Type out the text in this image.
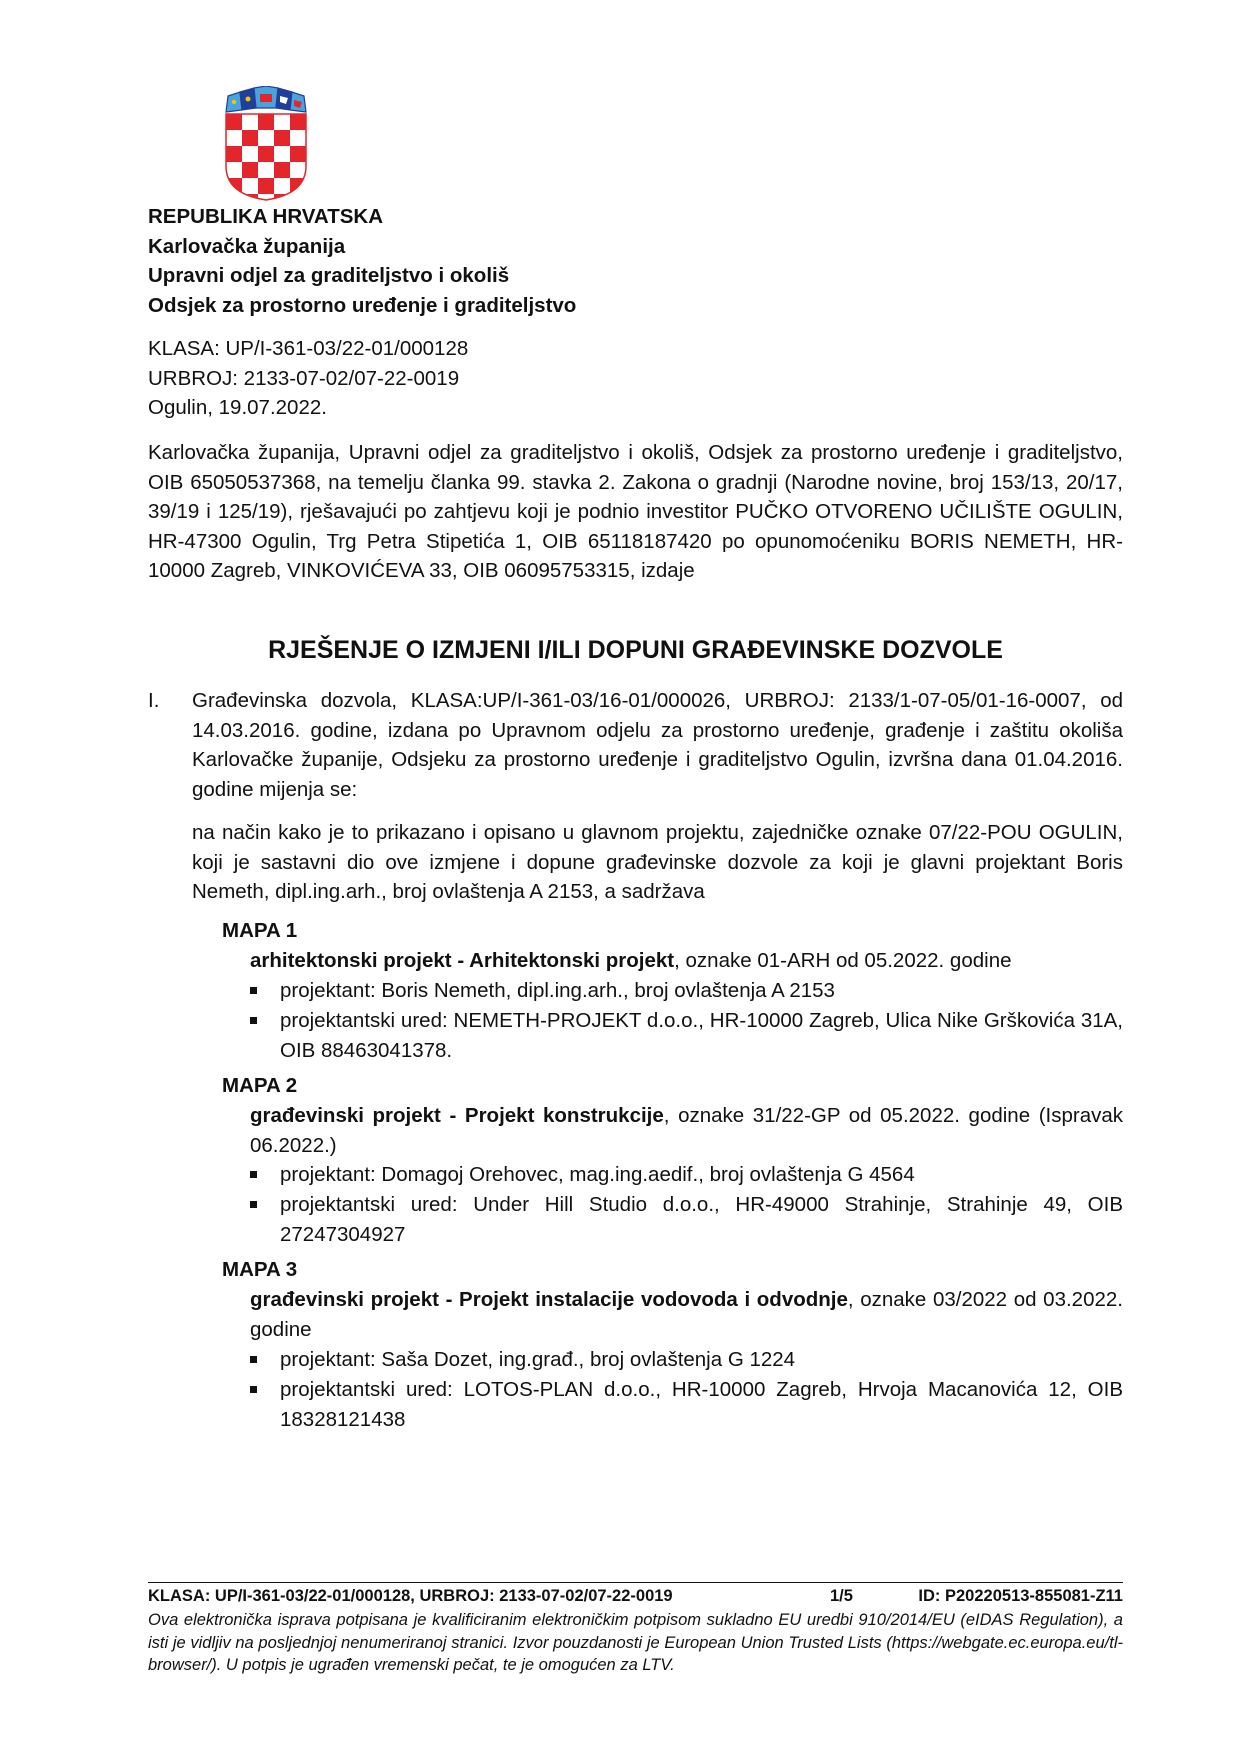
REPUBLIKA HRVATSKA
Karlovačka županija
Upravni odjel za graditeljstvo i okoliš
Odsjek za prostorno uređenje i graditeljstvo
KLASA: UP/I-361-03/22-01/000128
URBROJ: 2133-07-02/07-22-0019
Ogulin, 19.07.2022.

Karlovačka županija, Upravni odjel za graditeljstvo i okoliš, Odsjek za prostorno uređenje i graditeljstvo, OIB 65050537368, na temelju članka 99. stavka 2. Zakona o gradnji (Narodne novine, broj 153/13, 20/17, 39/19 i 125/19), rješavajući po zahtjevu koji je podnio investitor PUČKO OTVORENO UČILIŠTE OGULIN, HR-47300 Ogulin, Trg Petra Stipetića 1, OIB 65118187420 po opunomoćeniku BORIS NEMETH, HR-10000 Zagreb, VINKOVIĆEVA 33, OIB 06095753315, izdaje

RJEŠENJE O IZMJENI I/ILI DOPUNI GRAĐEVINSKE DOZVOLE
I. Građevinska dozvola, KLASA:UP/I-361-03/16-01/000026, URBROJ: 2133/1-07-05/01-16-0007, od 14.03.2016. godine, izdana po Upravnom odjelu za prostorno uređenje, građenje i zaštitu okoliša Karlovačke županije, Odsjeku za prostorno uređenje i graditeljstvo Ogulin, izvršna dana 01.04.2016. godine mijenja se:

na način kako je to prikazano i opisano u glavnom projektu, zajedničke oznake 07/22-POU OGULIN, koji je sastavni dio ove izmjene i dopune građevinske dozvole za koji je glavni projektant Boris Nemeth, dipl.ing.arh., broj ovlaštenja A 2153, a sadržava

MAPA 1
arhitektonski projekt - Arhitektonski projekt, oznake 01-ARH od 05.2022. godine
projektant: Boris Nemeth, dipl.ing.arh., broj ovlaštenja A 2153
projektantski ured: NEMETH-PROJEKT d.o.o., HR-10000 Zagreb, Ulica Nike Grškovića 31A, OIB 88463041378.
MAPA 2
građevinski projekt - Projekt konstrukcije, oznake 31/22-GP od 05.2022. godine (Ispravak 06.2022.)
projektant: Domagoj Orehovec, mag.ing.aedif., broj ovlaštenja G 4564
projektantski ured: Under Hill Studio d.o.o., HR-49000 Strahinje, Strahinje 49, OIB 27247304927
MAPA 3
građevinski projekt - Projekt instalacije vodovoda i odvodnje, oznake 03/2022 od 03.2022. godine
projektant: Saša Dozet, ing.građ., broj ovlaštenja G 1224
projektantski ured: LOTOS-PLAN d.o.o., HR-10000 Zagreb, Hrvoja Macanovića 12, OIB 18328121438
KLASA: UP/I-361-03/22-01/000128, URBROJ: 2133-07-02/07-22-0019	1/5	ID: P20220513-855081-Z11
Ova elektronička isprava potpisana je kvalificiranim elektroničkim potpisom sukladno EU uredbi 910/2014/EU (eIDAS Regulation), a isti je vidljiv na posljednjoj nenumeriranoj stranici. Izvor pouzdanosti je European Union Trusted Lists (https://webgate.ec.europa.eu/tl-browser/). U potpis je ugrađen vremenski pečat, te je omogućen za LTV.
